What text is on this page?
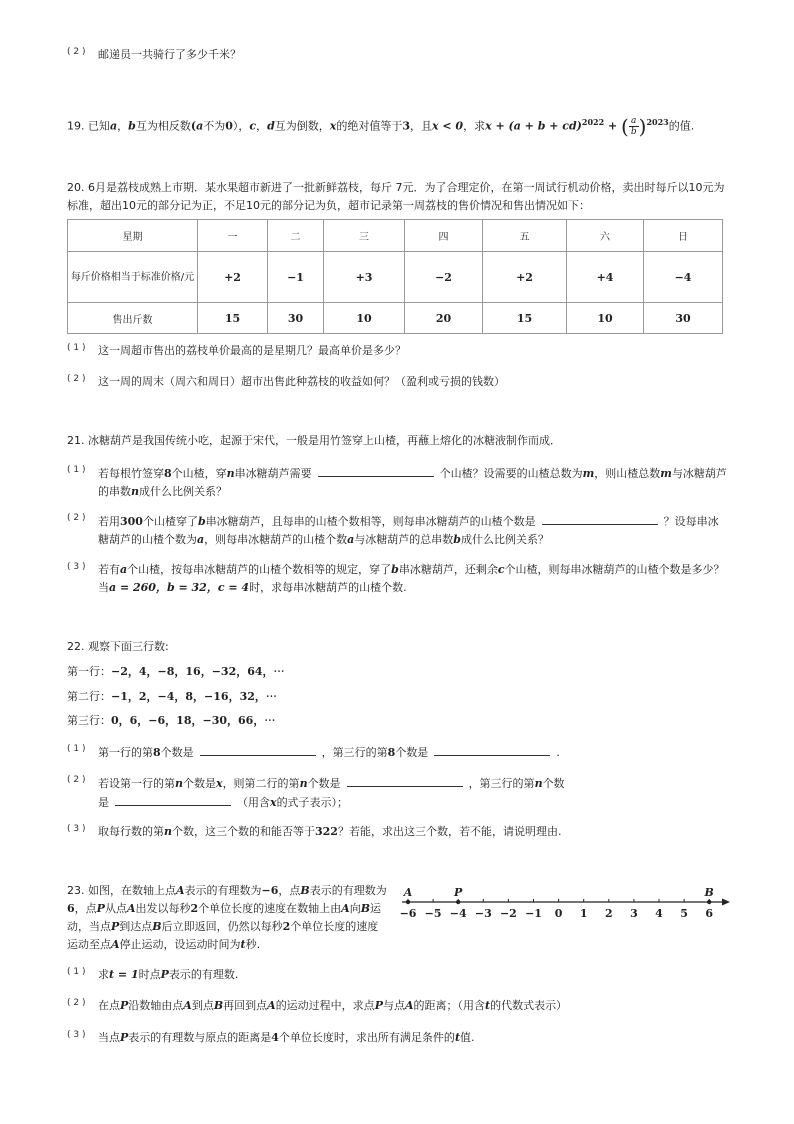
( 2 ) 邮递员一共骑行了多少千米？
19. 已知a，b互为相反数(a不为0），c，d互为倒数，x的绝对值等于3，且x < 0，求x + (a + b + cd)$^{2022}$ + ( $\frac{a}{b} )^{2023}$的值.
20. 6月是荔枝成熟上市期．某水果超市新进了一批新鲜荔枝，每斤 7元．为了合理定价，在第一周试行机动价格，卖出时每斤以10元为标准，超出10元的部分记为正，不足10元的部分记为负，超市记录第一周荔枝的售价情况和售出情况如下：
星期	一	二	三	四	五	六	日
每斤价格相当于标准价格/元	+2	−1	+3	−2	+2	+4	−4
售出斤数	15	30	10	20	15	10	30
( 1 ) 这一周超市售出的荔枝单价最高的是星期几？最高单价是多少？
( 2 ) 这一周的周末（周六和周日）超市出售此种荔枝的收益如何？（盈利或亏损的钱数）
21. 冰糖葫芦是我国传统小吃，起源于宋代，一般是用竹签穿上山楂，再蘸上熔化的冰糖液制作而成．
( 1 ) 若每根竹签穿8个山楂，穿n串冰糖葫芦需要	个山楂？设需要的山楂总数为m，则山楂总数m与冰糖葫芦的串数n成什么比例关系？
( 2 ) 若用300个山楂穿了b串冰糖葫芦，且每串的山楂个数相等，则每串冰糖葫芦的山楂个数是	？设每串冰糖葫芦的山楂个数为a，则每串冰糖葫芦的山楂个数a与冰糖葫芦的总串数b成什么比例关系？
( 3 ) 若有a个山楂，按每串冰糖葫芦的山楂个数相等的规定，穿了b串冰糖葫芦，还剩余c个山楂，则每串冰糖葫芦的山楂个数是多少？当a = 260，b = 32，c = 4时，求每串冰糖葫芦的山楂个数.
22. 观察下面三行数:
第一行：−2，4，−8，16，−32，64，⋯
第二行：−1，2，−4，8，−16，32，⋯
第三行：0，6，−6，18，−30，66，⋯
( 1 ) 第一行的第8个数是	，第三行的第8个数是	.
( 2 ) 若设第一行的第n个数是x，则第二行的第n个数是	，第三行的第n个数
是	（用含x的式子表示）；
( 3 ) 取每行数的第n个数，这三个数的和能否等于322？若能，求出这三个数，若不能，请说明理由.
23. 如图，在数轴上点A表示的有理数为−6，点B表示的有理数为6，点P从点A出发以每秒2个单位长度的速度在数轴上由A向B运动，当点P到达点B后立即返回，仍然以每秒2个单位长度的速度运动至点A停止运动，设运动时间为t秒.
−6 −5 −4 −3 −2 −1 0 1 2 3 4 5 6
A	P	B
( 1 ) 求t = 1时点P表示的有理数.
( 2 ) 在点P沿数轴由点A到点B再回到点A的运动过程中，求点P与点A的距离；（用含t的代数式表示）
( 3 ) 当点P表示的有理数与原点的距离是4个单位长度时，求出所有满足条件的t值.
